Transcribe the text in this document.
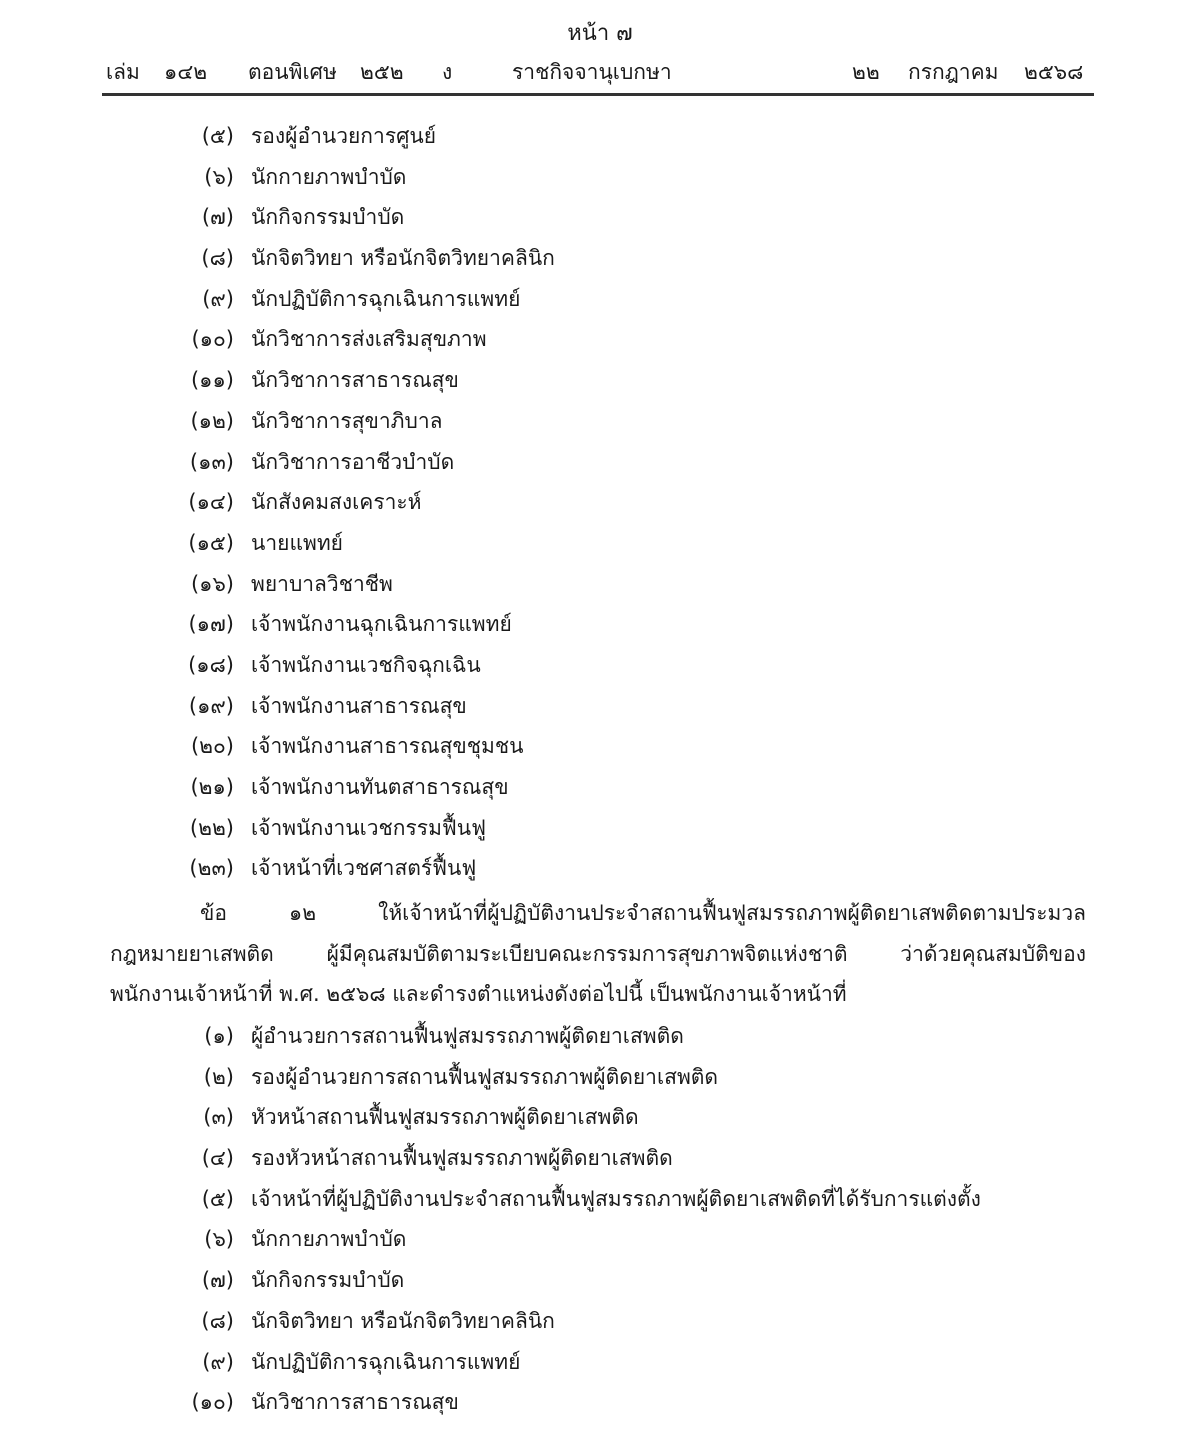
หน้า ๗
เล่ม ๑๔๒ ตอนพิเศษ ๒๕๒ ง	ราชกิจจานุเบกษา	๒๒ กรกฎาคม ๒๕๖๘
(๕) รองผู้อำนวยการศูนย์
(๖) นักกายภาพบำบัด
(๗) นักกิจกรรมบำบัด
(๘) นักจิตวิทยา หรือนักจิตวิทยาคลินิก
(๙) นักปฏิบัติการฉุกเฉินการแพทย์
(๑๐) นักวิชาการส่งเสริมสุขภาพ
(๑๑) นักวิชาการสาธารณสุข
(๑๒) นักวิชาการสุขาภิบาล
(๑๓) นักวิชาการอาชีวบำบัด
(๑๔) นักสังคมสงเคราะห์
(๑๕) นายแพทย์
(๑๖) พยาบาลวิชาชีพ
(๑๗) เจ้าพนักงานฉุกเฉินการแพทย์
(๑๘) เจ้าพนักงานเวชกิจฉุกเฉิน
(๑๙) เจ้าพนักงานสาธารณสุข
(๒๐) เจ้าพนักงานสาธารณสุขชุมชน
(๒๑) เจ้าพนักงานทันตสาธารณสุข
(๒๒) เจ้าพนักงานเวชกรรมฟื้นฟู
(๒๓) เจ้าหน้าที่เวชศาสตร์ฟื้นฟู
ข้อ ๑๒ ให้เจ้าหน้าที่ผู้ปฏิบัติงานประจำสถานฟื้นฟูสมรรถภาพผู้ติดยาเสพติดตามประมวล
กฎหมายยาเสพติด ผู้มีคุณสมบัติตามระเบียบคณะกรรมการสุขภาพจิตแห่งชาติ ว่าด้วยคุณสมบัติของ
พนักงานเจ้าหน้าที่ พ.ศ. ๒๕๖๘ และดำรงตำแหน่งดังต่อไปนี้ เป็นพนักงานเจ้าหน้าที่
(๑) ผู้อำนวยการสถานฟื้นฟูสมรรถภาพผู้ติดยาเสพติด
(๒) รองผู้อำนวยการสถานฟื้นฟูสมรรถภาพผู้ติดยาเสพติด
(๓) หัวหน้าสถานฟื้นฟูสมรรถภาพผู้ติดยาเสพติด
(๔) รองหัวหน้าสถานฟื้นฟูสมรรถภาพผู้ติดยาเสพติด
(๕) เจ้าหน้าที่ผู้ปฏิบัติงานประจำสถานฟื้นฟูสมรรถภาพผู้ติดยาเสพติดที่ได้รับการแต่งตั้ง
(๖) นักกายภาพบำบัด
(๗) นักกิจกรรมบำบัด
(๘) นักจิตวิทยา หรือนักจิตวิทยาคลินิก
(๙) นักปฏิบัติการฉุกเฉินการแพทย์
(๑๐) นักวิชาการสาธารณสุข
